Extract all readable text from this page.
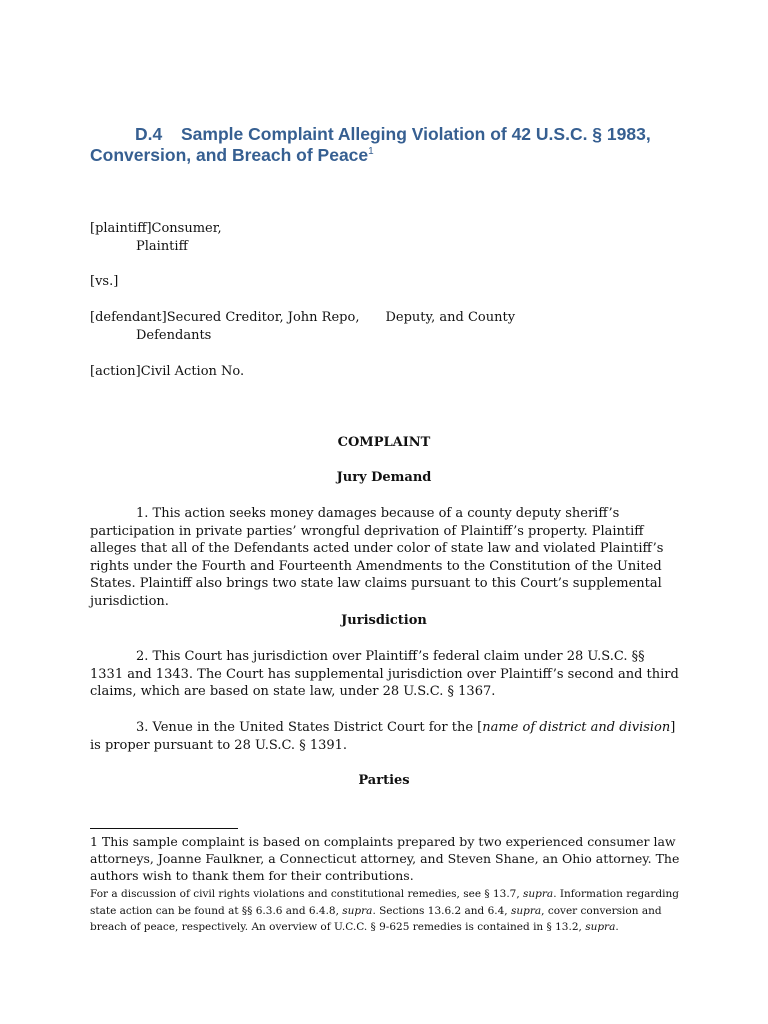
D.4 Sample Complaint Alleging Violation of 42 U.S.C. § 1983,
Conversion, and Breach of Peace$^1$
[plaintiff]Consumer,
Plaintiff
[vs.]
[defendant]Secured Creditor, John Repo, Deputy, and County
Defendants
[action]Civil Action No.
COMPLAINT
Jury Demand
1. This action seeks money damages because of a county deputy sheriff’s participation in private parties’ wrongful deprivation of Plaintiff’s property. Plaintiff alleges that all of the Defendants acted under color of state law and violated Plaintiff’s rights under the Fourth and Fourteenth Amendments to the Constitution of the United States. Plaintiff also brings two state law claims pursuant to this Court’s supplemental jurisdiction.
Jurisdiction
2. This Court has jurisdiction over Plaintiff’s federal claim under 28 U.S.C. §§ 1331 and 1343. The Court has supplemental jurisdiction over Plaintiff’s second and third claims, which are based on state law, under 28 U.S.C. § 1367.
3. Venue in the United States District Court for the [name of district and division] is proper pursuant to 28 U.S.C. § 1391.
Parties
1 This sample complaint is based on complaints prepared by two experienced consumer law attorneys, Joanne Faulkner, a Connecticut attorney, and Steven Shane, an Ohio attorney. The authors wish to thank them for their contributions.
For a discussion of civil rights violations and constitutional remedies, see § 13.7, supra. Information regarding state action can be found at §§ 6.3.6 and 6.4.8, supra. Sections 13.6.2 and 6.4, supra, cover conversion and breach of peace, respectively. An overview of U.C.C. § 9-625 remedies is contained in § 13.2, supra.
